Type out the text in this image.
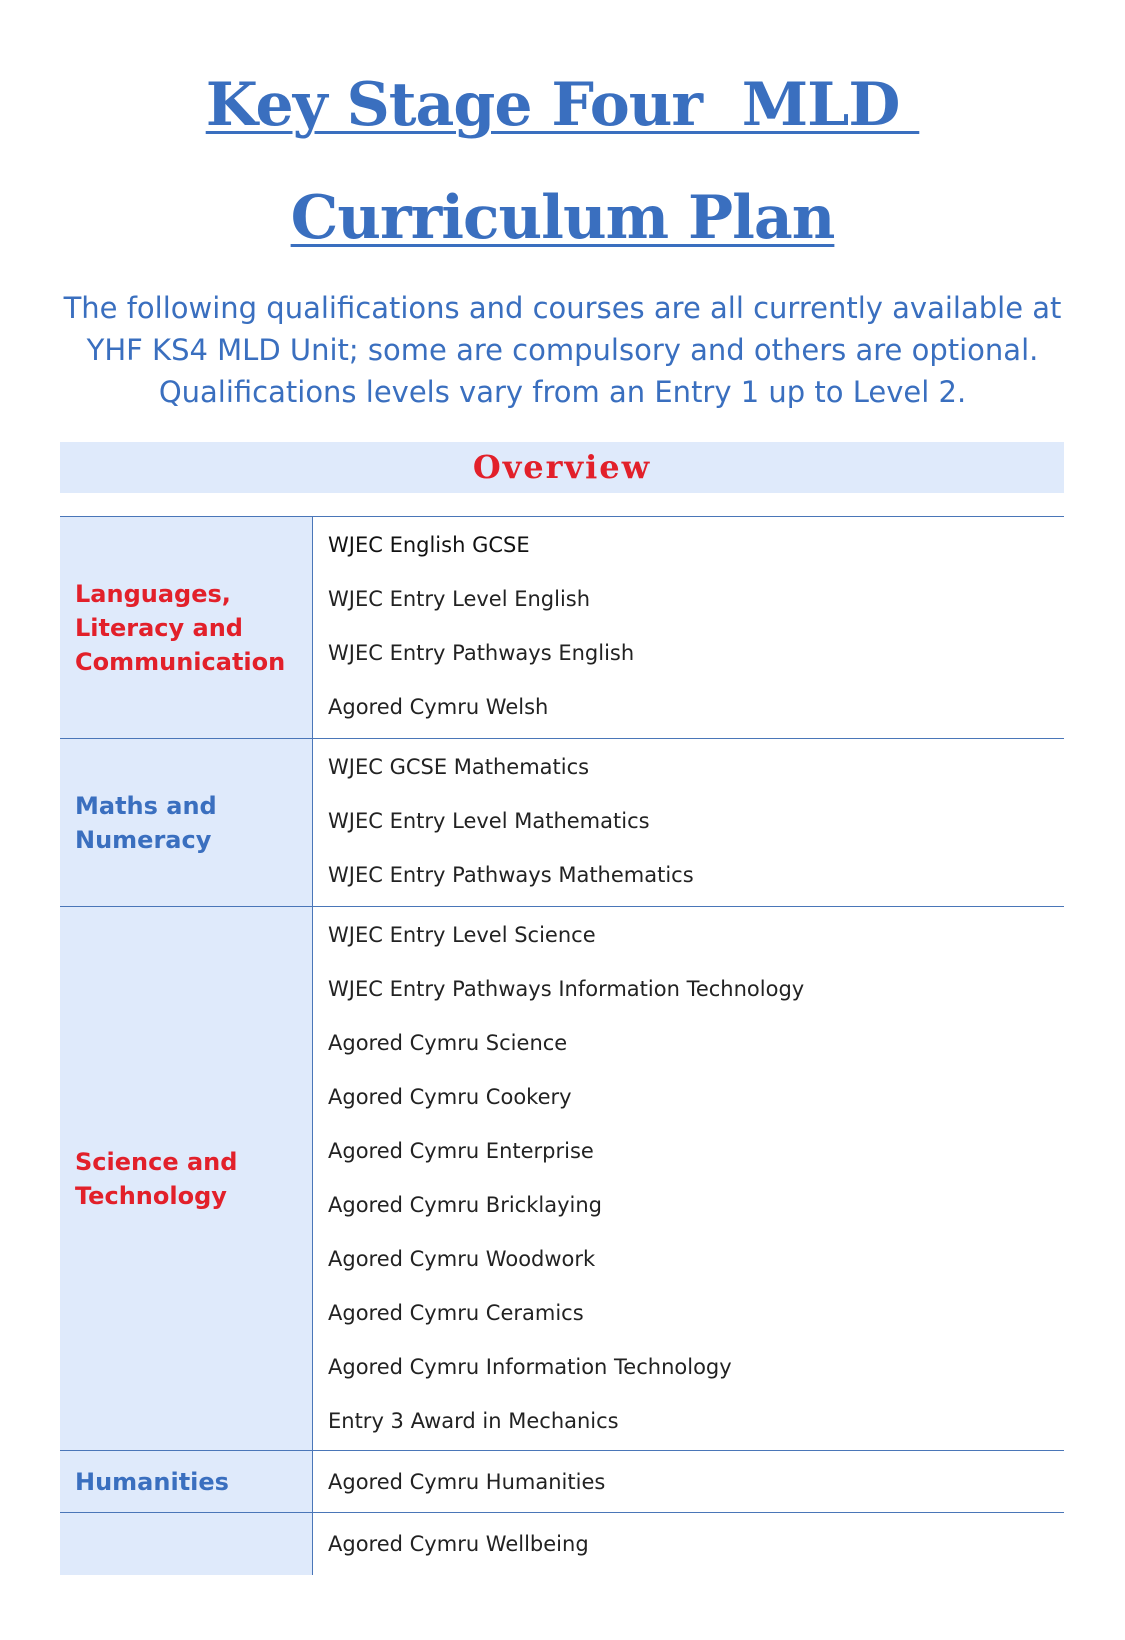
Key Stage Four  MLD
Curriculum Plan
The following qualifications and courses are all currently available at
YHF KS4 MLD Unit; some are compulsory and others are optional.
Qualifications levels vary from an Entry 1 up to Level 2.
Overview
Languages,
Literacy and
Communication
WJEC English GCSE
WJEC Entry Level English
WJEC Entry Pathways English
Agored Cymru Welsh
Maths and
Numeracy
WJEC GCSE Mathematics
WJEC Entry Level Mathematics
WJEC Entry Pathways Mathematics
Science and
Technology
WJEC Entry Level Science
WJEC Entry Pathways Information Technology
Agored Cymru Science
Agored Cymru Cookery
Agored Cymru Enterprise
Agored Cymru Bricklaying
Agored Cymru Woodwork
Agored Cymru Ceramics
Agored Cymru Information Technology
Entry 3 Award in Mechanics
Humanities	Agored Cymru Humanities
Agored Cymru Wellbeing
